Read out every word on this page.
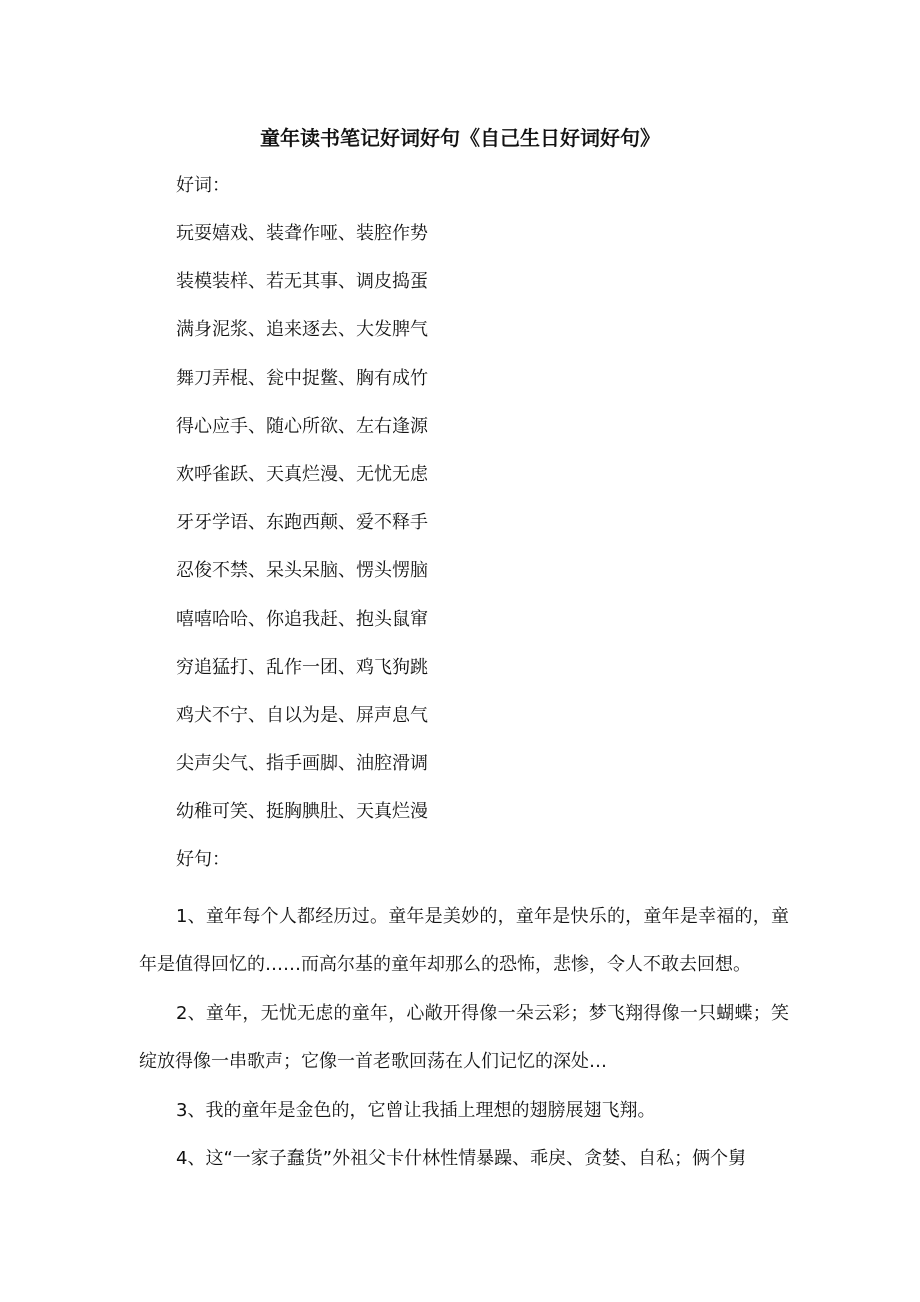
童年读书笔记好词好句《自己生日好词好句》
好词：
玩耍嬉戏、装聋作哑、装腔作势
装模装样、若无其事、调皮捣蛋
满身泥浆、追来逐去、大发脾气
舞刀弄棍、瓮中捉鳖、胸有成竹
得心应手、随心所欲、左右逢源
欢呼雀跃、天真烂漫、无忧无虑
牙牙学语、东跑西颠、爱不释手
忍俊不禁、呆头呆脑、愣头愣脑
嘻嘻哈哈、你追我赶、抱头鼠窜
穷追猛打、乱作一团、鸡飞狗跳
鸡犬不宁、自以为是、屏声息气
尖声尖气、指手画脚、油腔滑调
幼稚可笑、挺胸腆肚、天真烂漫
好句：

1、童年每个人都经历过。童年是美妙的，童年是快乐的，童年是幸福的，童年是值得回忆的……而高尔基的童年却那么的恐怖，悲惨，令人不敢去回想。

2、童年，无忧无虑的童年，心敞开得像一朵云彩；梦飞翔得像一只蝴蝶；笑绽放得像一串歌声；它像一首老歌回荡在人们记忆的深处…

3、我的童年是金色的，它曾让我插上理想的翅膀展翅飞翔。

4、这“一家子蠢货”外祖父卡什林性情暴躁、乖戾、贪婪、自私；俩个舅
